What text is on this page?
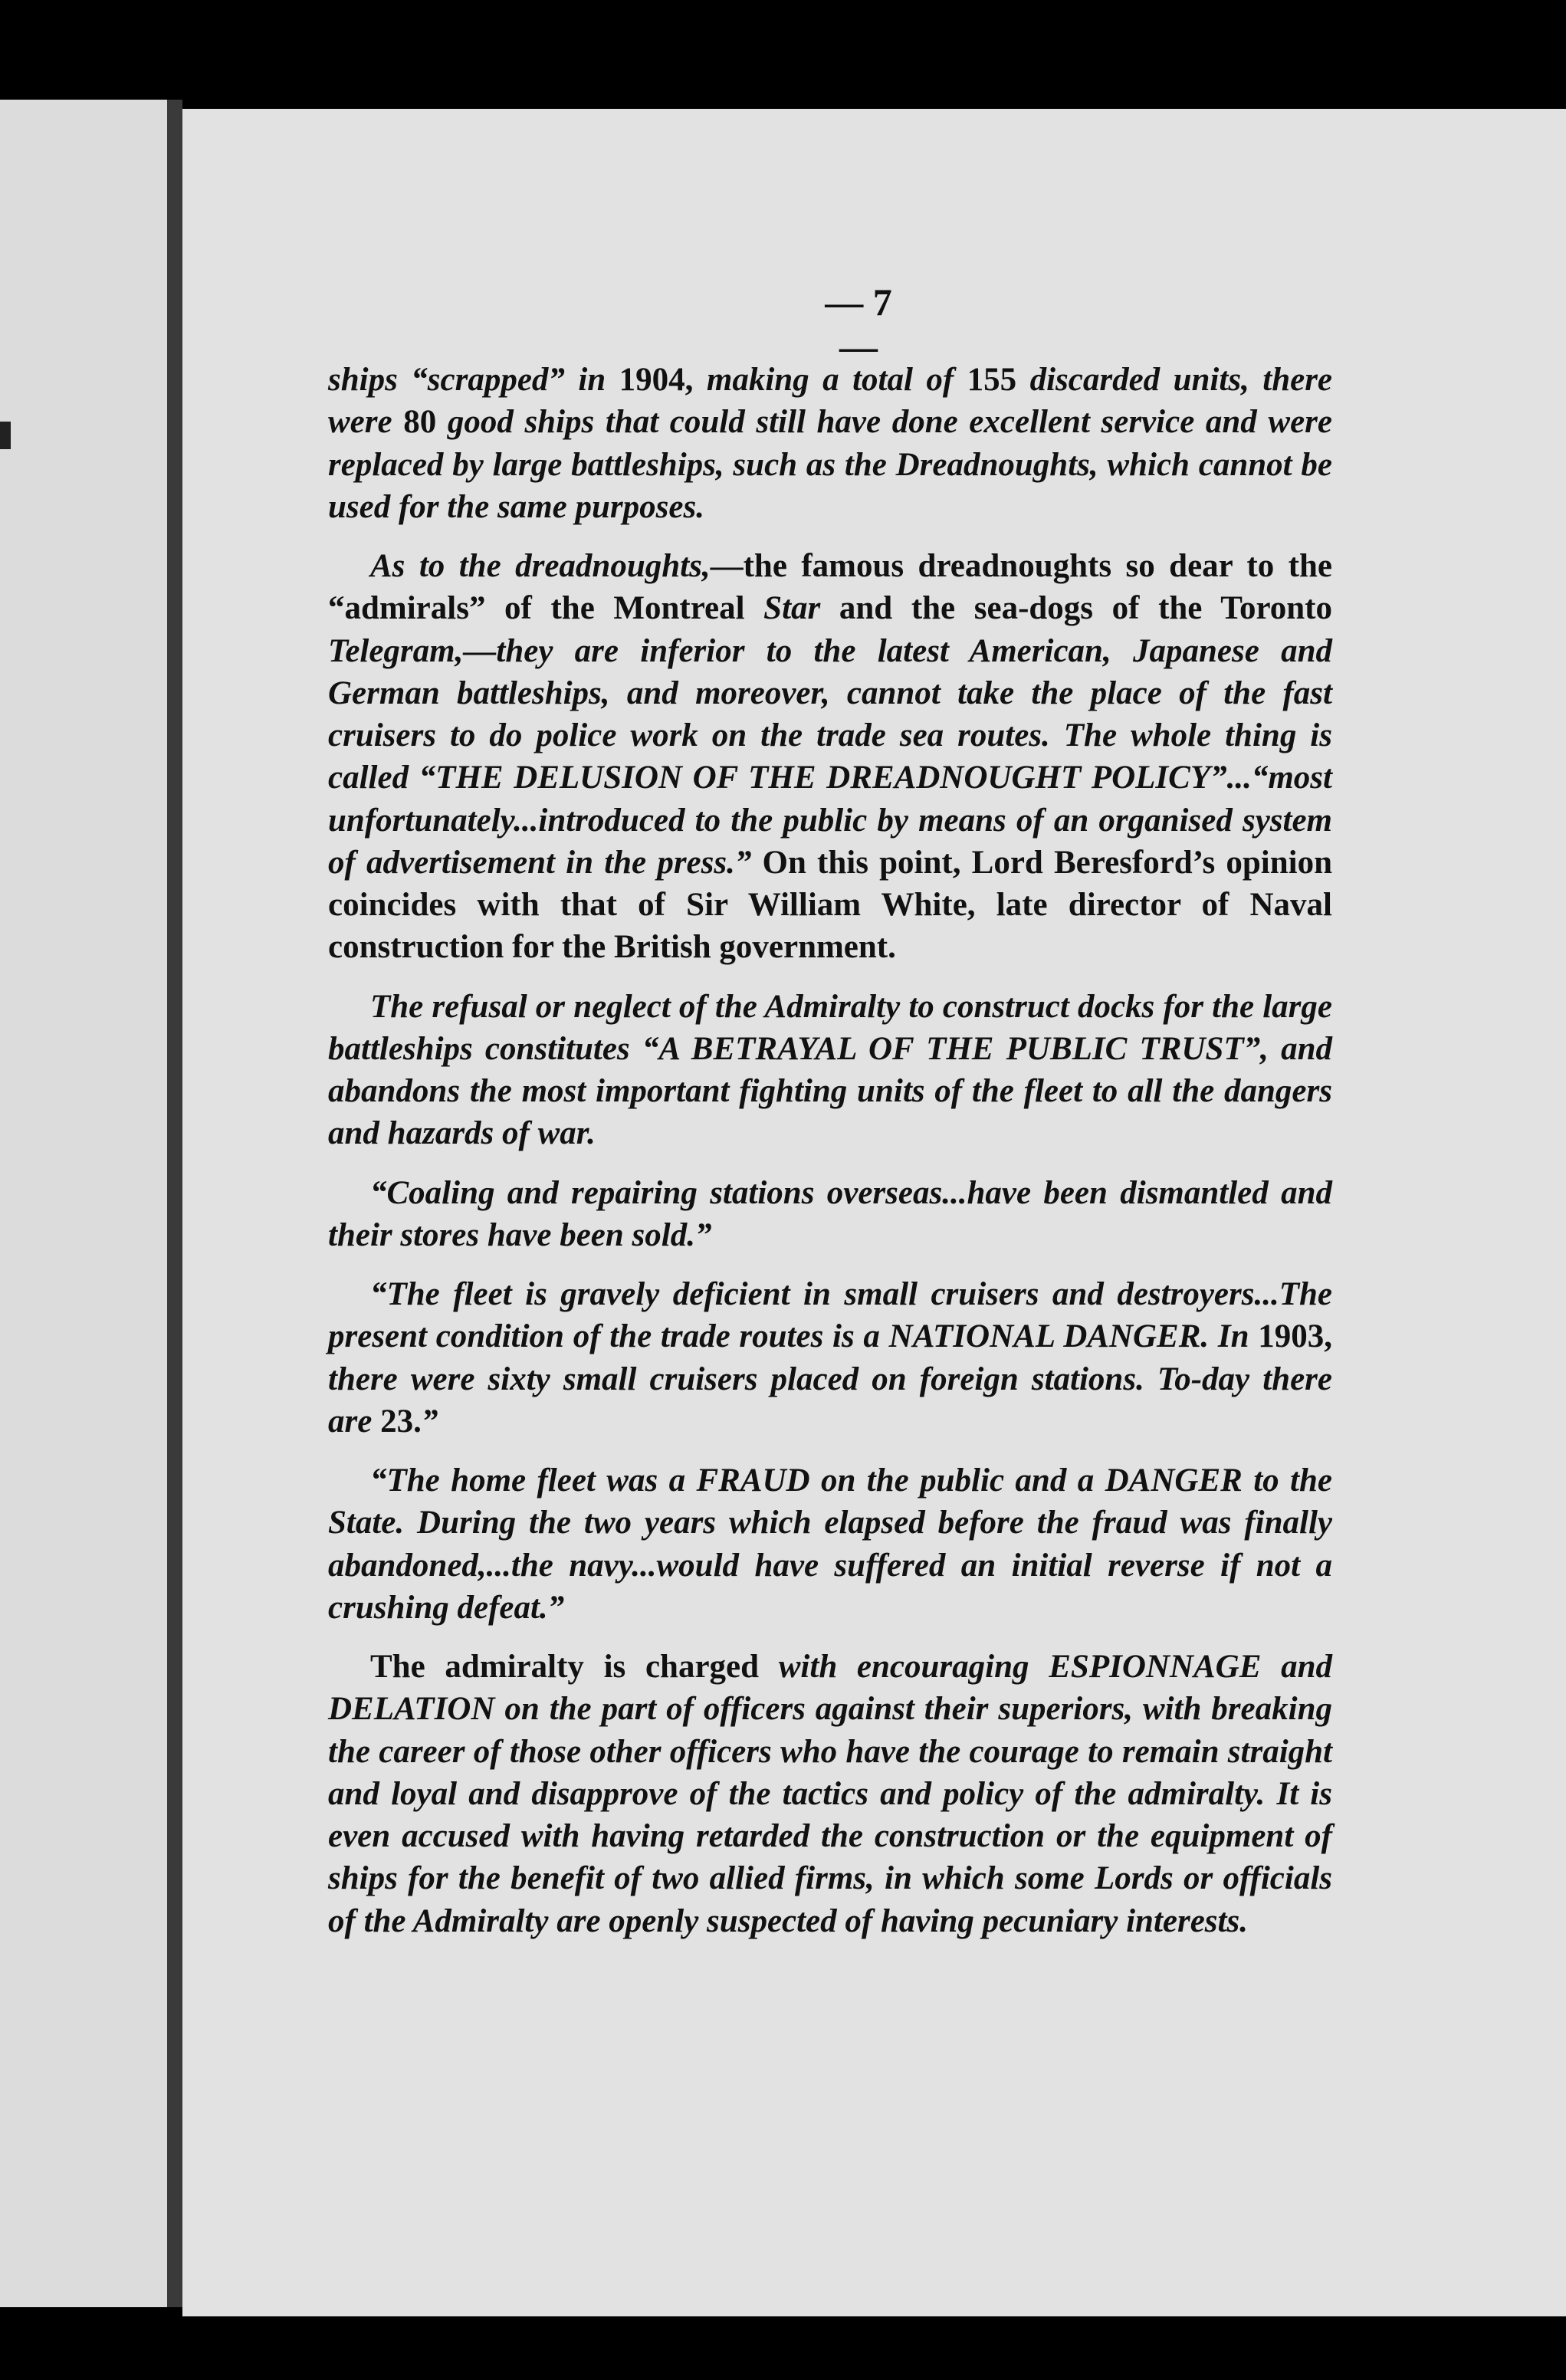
— 7 —

ships “scrapped” in 1904, making a total of 155 discarded units, there were 80 good ships that could still have done excellent service and were replaced by large battleships, such as the Dreadnoughts, which cannot be used for the same purposes.

As to the dreadnoughts,—the famous dreadnoughts so dear to the “admirals” of the Montreal Star and the sea-dogs of the Toronto Telegram,—they are inferior to the latest American, Japanese and German battleships, and moreover, cannot take the place of the fast cruisers to do police work on the trade sea routes. The whole thing is called “THE DELUSION OF THE DREADNOUGHT POLICY”...“most unfortunately...introduced to the public by means of an organised system of advertisement in the press.” On this point, Lord Beresford’s opinion coincides with that of Sir William White, late director of Naval construction for the British government.

The refusal or neglect of the Admiralty to construct docks for the large battleships constitutes “A BETRAYAL OF THE PUBLIC TRUST”, and abandons the most important fighting units of the fleet to all the dangers and hazards of war.

“Coaling and repairing stations overseas...have been dismantled and their stores have been sold.”

“The fleet is gravely deficient in small cruisers and destroyers...The present condition of the trade routes is a NATIONAL DANGER. In 1903, there were sixty small cruisers placed on foreign stations. To-day there are 23.”

“The home fleet was a FRAUD on the public and a DANGER to the State. During the two years which elapsed before the fraud was finally abandoned,...the navy...would have suffered an initial reverse if not a crushing defeat.”

The admiralty is charged with encouraging ESPIONNAGE and DELATION on the part of officers against their superiors, with breaking the career of those other officers who have the courage to remain straight and loyal and disapprove of the tactics and policy of the admiralty. It is even accused with having retarded the construction or the equipment of ships for the benefit of two allied firms, in which some Lords or officials of the Admiralty are openly suspected of having pecuniary interests.
